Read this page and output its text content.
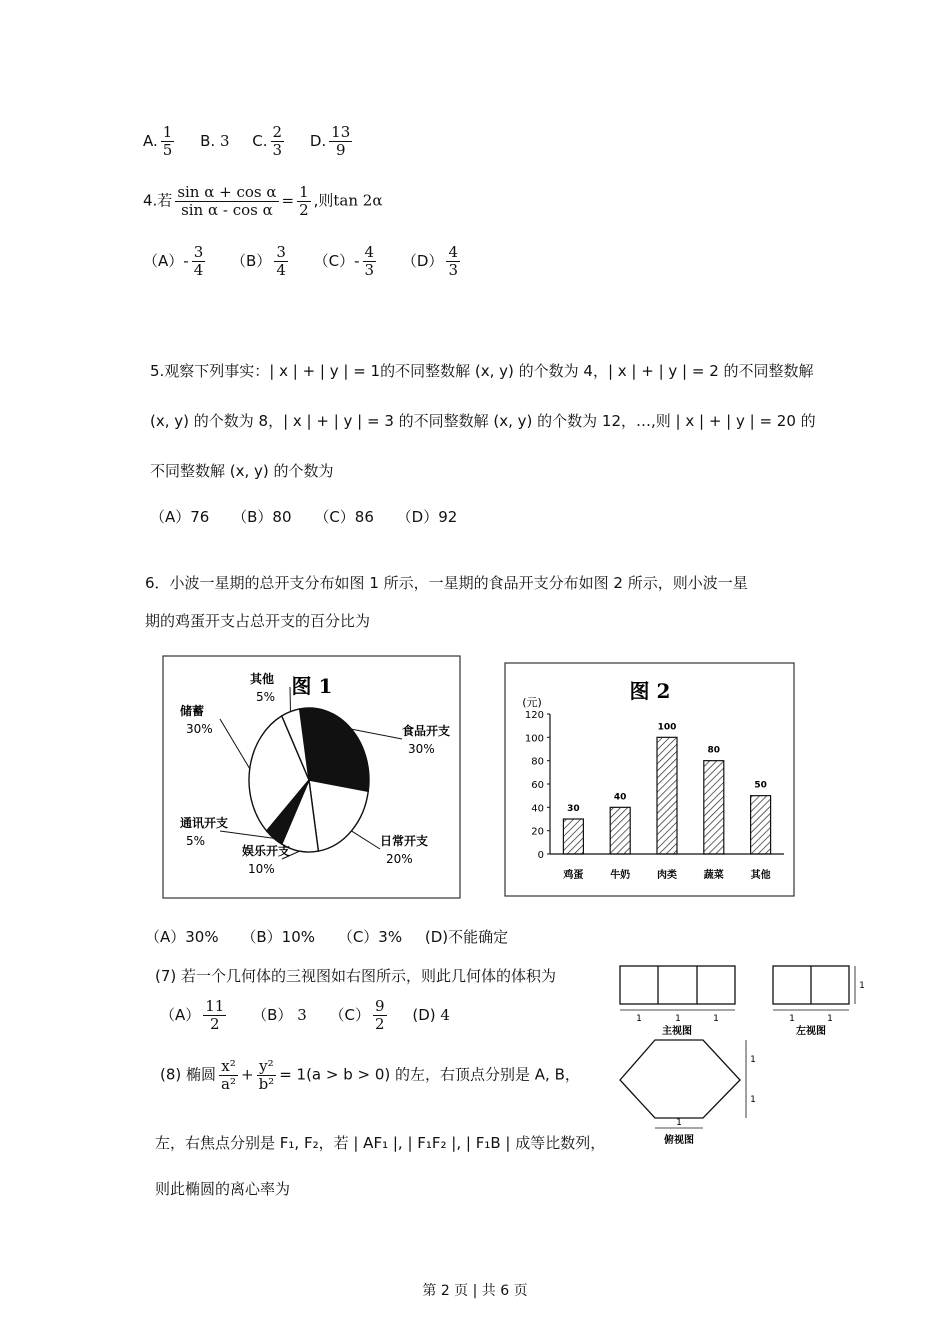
A. $\frac{1}{5} B$. 3 C. $\frac{2}{3} D$. $\frac{13}{9}$
4.若 $\frac{\text{sin α + cos α}}{\text{sin α - cos α}} = \frac{1}{2}$ ,则tan 2α
$(A)- \frac{3}{4} (B) \frac{3}{4} (C)- \frac{4}{3} (D) \frac{4}{3}$
5.观察下列事实：| x | + | y | = 1的不同整数解 (x, y) 的个数为 4，| x | + | y | = 2 的不同整数解
(x, y) 的个数为 8，| x | + | y | = 3 的不同整数解 (x, y) 的个数为 12，…,则 | x | + | y | = 20 的
不同整数解 (x, y) 的个数为
（A）76 （B）80 （C）86 （D）92
6．小波一星期的总开支分布如图 1 所示，一星期的食品开支分布如图 2 所示，则小波一星
期的鸡蛋开支占总开支的百分比为
图 1
食品开支
30%
日常开支
20%
娱乐开支
10%
通讯开支
5%
储蓄
30%
其他
5%	图 2
(元)
0
20
40
60
80
100
120
30
鸡蛋
40
牛奶
100
肉类
80
蔬菜
50
其他
（A）30% （B）10% （C）3% (D)不能确定
(7) 若一个几何体的三视图如右图所示，则此几何体的体积为
$(A) \frac{11}{2} (B)$ 3 $(C) \frac{9}{2} (D)$ 4	1	1	1
主视图
1	1
1
左视图
1
1
1
俯视图
(8) 椭圆 $\frac{\text{x²}}{\text{a²}} + \frac{\text{y²}}{\text{b²}} = 1(a > b > 0)$ 的左，右顶点分别是 A, B，
左，右焦点分别是 F₁, F₂，若 | AF₁ |, | F₁F₂ |, | F₁B | 成等比数列，
则此椭圆的离心率为
第 2 页 | 共 6 页
